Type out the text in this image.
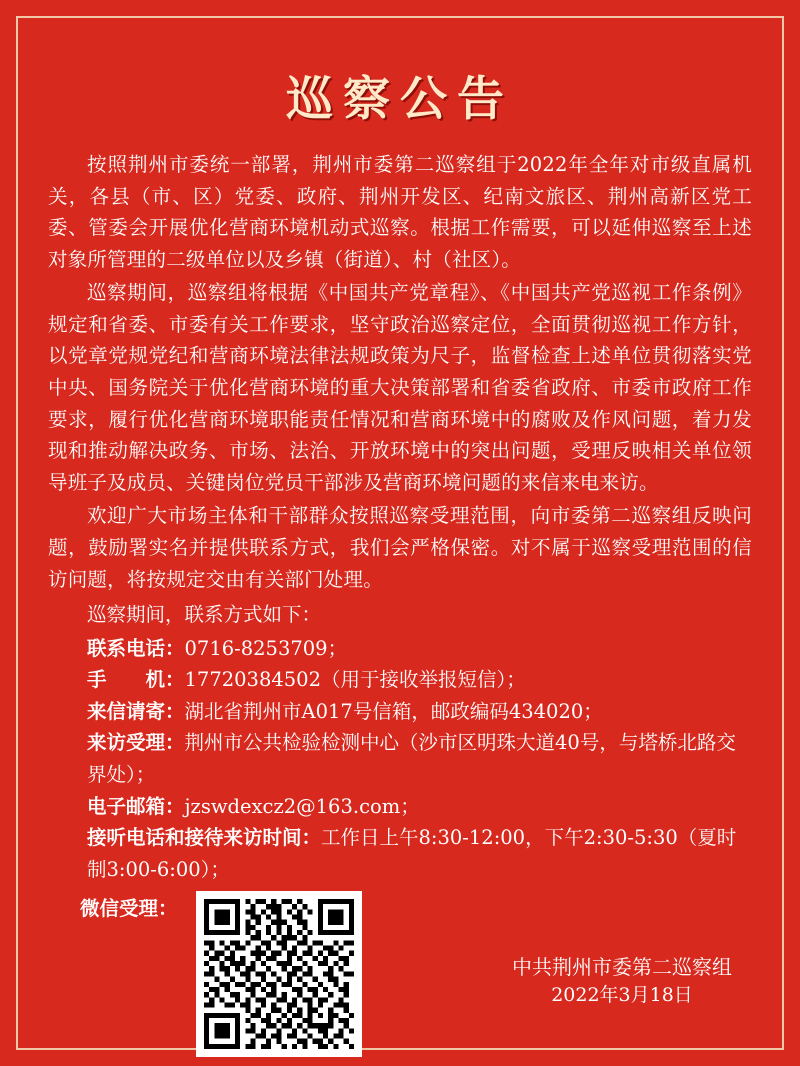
巡察公告

按照荆州市委统一部署，荆州市委第二巡察组于2022年全年对市级直属机关，各县（市、区）党委、政府、荆州开发区、纪南文旅区、荆州高新区党工委、管委会开展优化营商环境机动式巡察。根据工作需要，可以延伸巡察至上述对象所管理的二级单位以及乡镇（街道）、村（社区）。

巡察期间，巡察组将根据《中国共产党章程》、《中国共产党巡视工作条例》规定和省委、市委有关工作要求，坚守政治巡察定位，全面贯彻巡视工作方针，以党章党规党纪和营商环境法律法规政策为尺子，监督检查上述单位贯彻落实党中央、国务院关于优化营商环境的重大决策部署和省委省政府、市委市政府工作要求，履行优化营商环境职能责任情况和营商环境中的腐败及作风问题，着力发现和推动解决政务、市场、法治、开放环境中的突出问题，受理反映相关单位领导班子及成员、关键岗位党员干部涉及营商环境问题的来信来电来访。

欢迎广大市场主体和干部群众按照巡察受理范围，向市委第二巡察组反映问题，鼓励署实名并提供联系方式，我们会严格保密。对不属于巡察受理范围的信访问题，将按规定交由有关部门处理。

巡察期间，联系方式如下：
联系电话：0716-8253709；
手　　机：17720384502（用于接收举报短信）；
来信请寄：湖北省荆州市A017号信箱，邮政编码434020；
来访受理：荆州市公共检验检测中心（沙市区明珠大道40号，与塔桥北路交界处）；
电子邮箱：jzswdexcz2@163.com；
接听电话和接待来访时间：工作日上午8:30-12:00，下午2:30-5:30（夏时制3:00-6:00）；
微信受理：
中共荆州市委第二巡察组
2022年3月18日
